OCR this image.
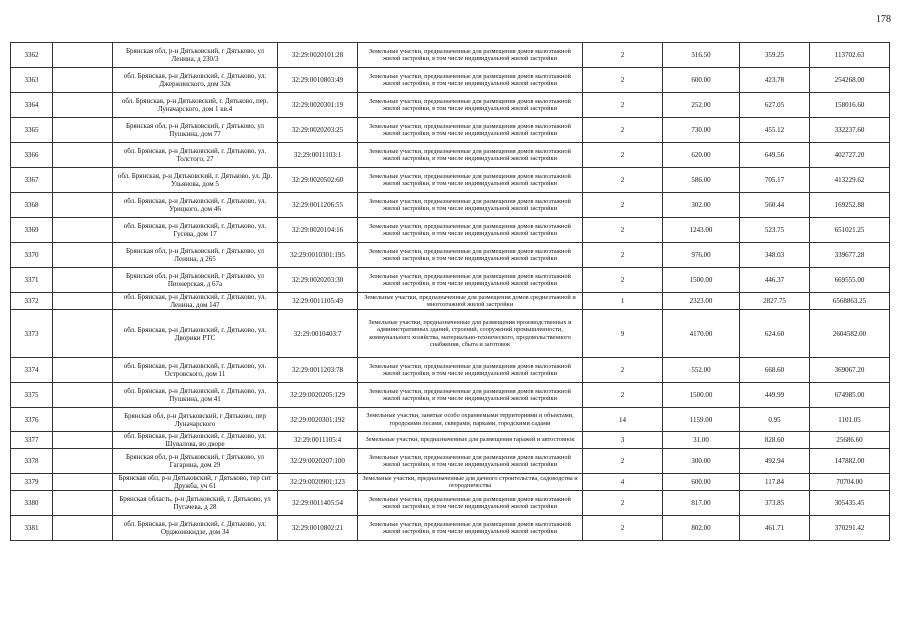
178
3362		Брянская обл, р-н Дятьковский, г Дятьково, ул Ленина, д 230/3	32:29:0020101:28	Земельные участки, предназначенные для размещения домов малоэтажной жилой застройки, в том числе индивидуальной жилой застройки	2	316.50	359.25	113702.63
3363		обл. Брянская, р-н Дятьковский, г. Дятьково, ул. Джержинского, дом 32в	32:29:0010803:49	Земельные участки, предназначенные для размещения домов малоэтажной жилой застройки, в том числе индивидуальной жилой застройки	2	600.00	423.78	254268.00
3364		обл. Брянская, р-н Дятьковский, г. Дятьково, пер. Луначарского, дом 1 кв.4	32:29:0020301:19	Земельные участки, предназначенные для размещения домов малоэтажной жилой застройки, в том числе индивидуальной жилой застройки	2	252.00	627.05	158016.60
3365		Брянская обл, р-н Дятьковский, г Дятьково, ул Пушкина, дом 77	32:29:0020203:25	Земельные участки, предназначенные для размещения домов малоэтажной жилой застройки, в том числе индивидуальной жилой застройки	2	730.00	455.12	332237.60
3366		обл. Брянская, р-н Дятьковский, г. Дятьково, ул. Толстого, 27	32:29:0011103:1	Земельные участки, предназначенные для размещения домов малоэтажной жилой застройки, в том числе индивидуальной жилой застройки	2	620.00	649.56	402727.20
3367		обл. Брянская, р-н Дятьковский, г. Дятьково, ул. Др. Ульянова, дом 5	32:29:0020502:60	Земельные участки, предназначенные для размещения домов малоэтажной жилой застройки, в том числе индивидуальной жилой застройки	2	586.00	705.17	413229.62
3368		обл. Брянская, р-н Дятьковский, г. Дятьково, ул. Урицкого, дом 46	32:29:0011206:55	Земельные участки, предназначенные для размещения домов малоэтажной жилой застройки, в том числе индивидуальной жилой застройки	2	302.00	560.44	169252.88
3369		обл. Брянская, р-н Дятьковский, г. Дятьково, ул. Гусева, дом 17	32:29:0020104:16	Земельные участки, предназначенные для размещения домов малоэтажной жилой застройки, в том числе индивидуальной жилой застройки	2	1243.00	523.75	651021.25
3370		Брянская обл, р-н Дятьковский, г Дятьково, ул Ленина, д 265	32:29:0010301:195	Земельные участки, предназначенные для размещения домов малоэтажной жилой застройки, в том числе индивидуальной жилой застройки	2	976.00	348.03	339677.28
3371		Брянская обл, р-н Дятьковский, г Дятьково, ул Пионерская, д 67а	32:29:0020203:30	Земельные участки, предназначенные для размещения домов малоэтажной жилой застройки, в том числе индивидуальной жилой застройки	2	1500.00	446.37	669555.00
3372		обл. Брянская, р-н Дятьковский, г. Дятьково, ул. Ленина, дом 147	32:29:0011105:49	Земельные участки, предназначенные для размещения домов среднеэтажной и многоэтажной жилой застройки	1	2323.00	2827.75	6568863.25
3373		обл. Брянская, р-н Дятьковский, г. Дятьково, ул. Дворики РТС	32:29:0010403:7	Земельные участки, предназначенные для размещения производственных и административных зданий, строений, сооружений промышленности, коммунального хозяйства, материально-технического, продовольственного снабжения, сбыта и заготовок	9	4170.00	624.60	2604582.00
3374		обл. Брянская, р-н Дятьковский, г. Дятьково, ул. Островского, дом 11	32:29:0011203:78	Земельные участки, предназначенные для размещения домов малоэтажной жилой застройки, в том числе индивидуальной жилой застройки	2	552.00	668.60	369067.20
3375		обл. Брянская, р-н Дятьковский, г. Дятьково, ул. Пушкина, дом 41	32:29:0020205:129	Земельные участки, предназначенные для размещения домов малоэтажной жилой застройки, в том числе индивидуальной жилой застройки	2	1500.00	449.99	674985.00
3376		Брянская обл, р-н Дятьковский, г Дятьково, пер Луначарского	32:29:0020301:192	Земельные участки, занятые особо охраняемыми территориями и объектами, городскими лесами, скверами, парками, городскими садами	14	1159.00	0.95	1101.05
3377		обл. Брянская, р-н Дятьковский, г. Дятьково, ул. Шувалова, во дворе	32:29:0011105:4	Земельные участки, предназначенные для размещения гаражей и автостоянок	3	31.00	828.60	25686.60
3378		Брянская обл, р-н Дятьковский, г Дятьково, ул Гагарина, дом 29	32:29:0020207:100	Земельные участки, предназначенные для размещения домов малоэтажной жилой застройки, в том числе индивидуальной жилой застройки	2	300.00	492.94	147882.00
3379		Брянская обл, р-н Дятьковский, г Дятьково, тер снт Дружба, уч 61	32:29:0020901:123	Земельные участки, предназначенные для дачного строительства, садоводства и огородничества	4	600.00	117.84	70704.00
3380		Брянская область, р-н Дятьковский, г. Дятьково, ул Пугачева, д 28	32:29:0011405:54	Земельные участки, предназначенные для размещения домов малоэтажной жилой застройки, в том числе индивидуальной жилой застройки	2	817.00	373.85	305435.45
3381		обл. Брянская, р-н Дятьковский, г. Дятьково, ул. Орджоникидзе, дом 34	32:29:0010802:21	Земельные участки, предназначенные для размещения домов малоэтажной жилой застройки, в том числе индивидуальной жилой застройки	2	802.00	461.71	370291.42
